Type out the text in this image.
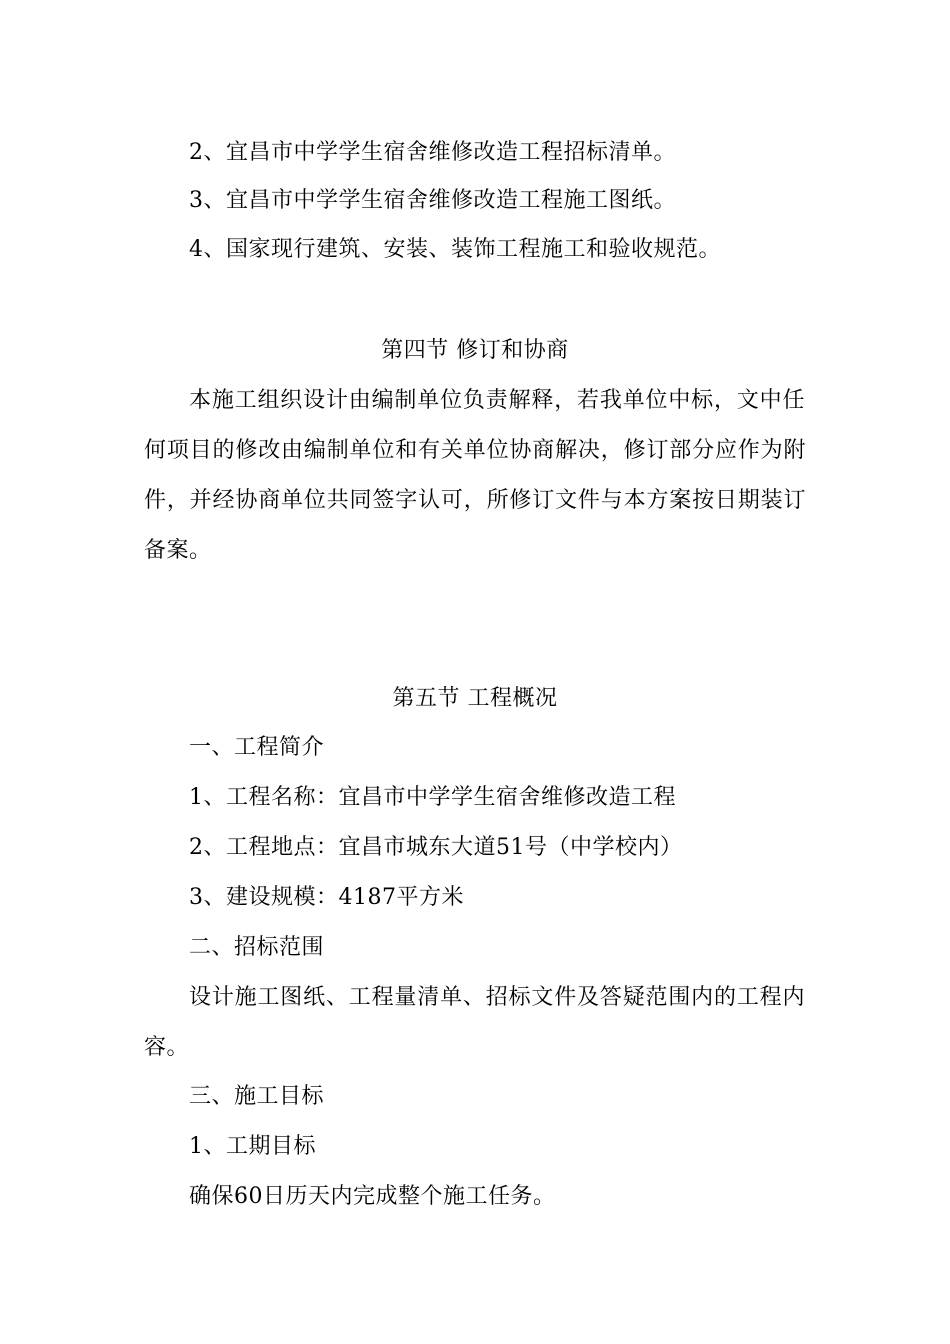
2、宜昌市中学学生宿舍维修改造工程招标清单。
3、宜昌市中学学生宿舍维修改造工程施工图纸。
4、国家现行建筑、安装、装饰工程施工和验收规范。
第四节 修订和协商
本施工组织设计由编制单位负责解释，若我单位中标，文中任
何项目的修改由编制单位和有关单位协商解决，修订部分应作为附
件，并经协商单位共同签字认可，所修订文件与本方案按日期装订
备案。
第五节 工程概况
一、工程简介
1、工程名称：宜昌市中学学生宿舍维修改造工程
2、工程地点：宜昌市城东大道51号（中学校内）
3、建设规模：4187平方米
二、招标范围
设计施工图纸、工程量清单、招标文件及答疑范围内的工程内
容。
三、施工目标
1、工期目标
确保60日历天内完成整个施工任务。
